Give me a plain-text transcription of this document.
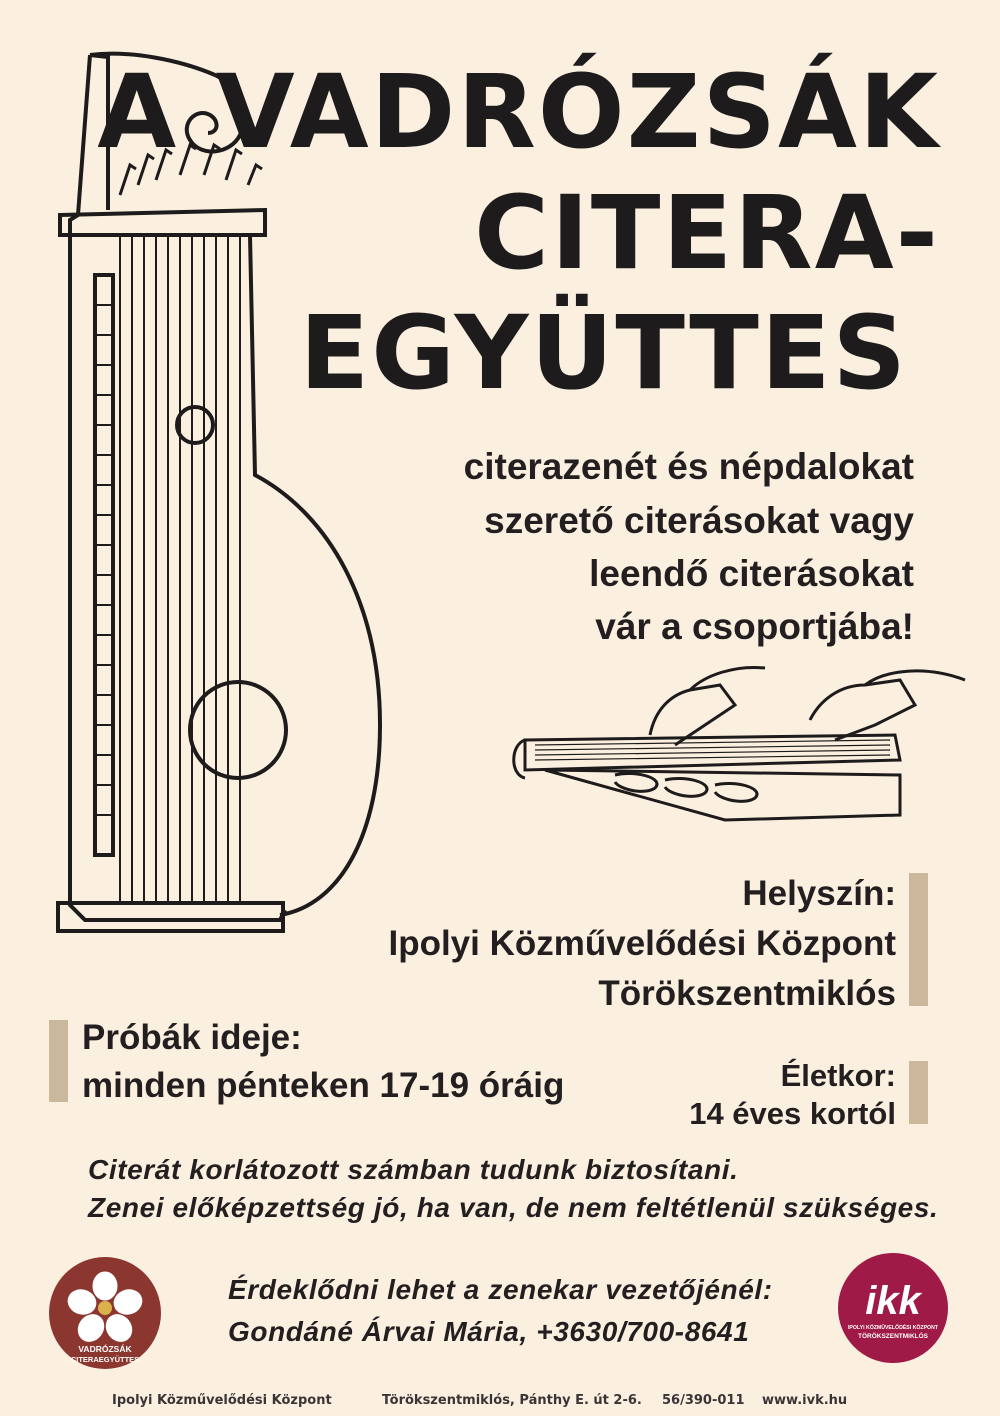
A VADRÓZSÁK
CITERA-
EGYÜTTES
citerazenét és népdalokat
szerető citerásokat vagy
leendő citerásokat
vár a csoportjába!
Helyszín:
Ipolyi Közművelődési Központ
Törökszentmiklós
Próbák ideje:
minden pénteken 17-19 óráig	Életkor:
14 éves kortól
Citerát korlátozott számban tudunk biztosítani.
Zenei előképzettség jó, ha van, de nem feltétlenül szükséges.
VADRÓZSÁK
CITERAEGYÜTTES
Érdeklődni lehet a zenekar vezetőjénél:
Gondáné Árvai Mária, +3630/700-8641
ikk
IPOLYI KÖZMŰVELŐDÉSI KÖZPONT
TÖRÖKSZENTMIKLÓS
Ipolyi Közművelődési Központ	Törökszentmiklós, Pánthy E. út 2-6. 56/390-011 www.ivk.hu
